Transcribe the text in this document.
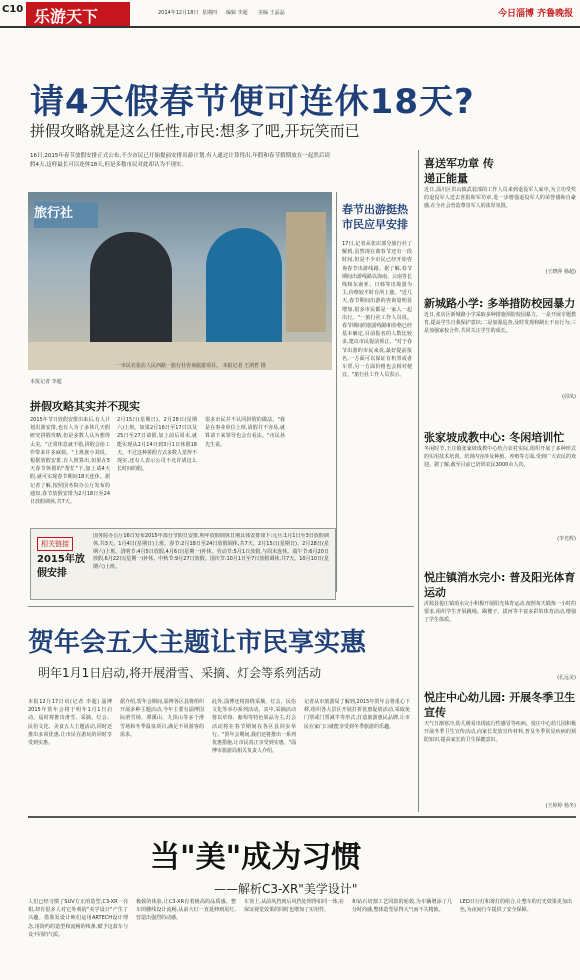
C10 乐游天下	2014年12月18日 星期四 编辑 李超 美编 王晶晶	今日淄博 齐鲁晚报
请4天假春节便可连休18天?
拼假攻略就是这么任性,市民:想多了吧,开玩笑而已
16日,2015年春节放假安排正式公布,不少市民已开始提前安排出游计划,有人通过计算得出,年假和春节假期放在一起然后请假4天,这样最长可以连休18天,但是多数市民对此却认为不现实。
旅行社
一市民在张店人民西路一旅行社咨询旅游项目。 本报记者 王鸿哲 摄
本报记者 李超
拼假攻略其实并不现实
2015年节日放假安排出来后,有人计划出游安排,也有人为了多休几天假研究拼假攻略,但是多数人认为想得太美。"正常休息就不错,拼假会给工作带来许多麻烦。"上班族小刘说。根据放假安排,有人推算出,如果在5天春节休假的"帮忙"下,加上请4天假,就可实现春节期间18天连休。据记者了解,按照国务院办公厅发布的通知,春节放假安排为2月18日至24日放假调休,共7天。
2月15日(星期日)、2月28日(星期六)上班。如果2月16日至17日以及25日至27日请假,加上前后周末,就能实现从2月14日到3月1日休假18天。不过这种拼假方式多数人觉得不现实,还有人表示公司不允许请这么长时间的假。
很多市民并不认同拼假的做法。"我是在事业单位上班,请假并不容易,就算请下来领导也会有看法。"市民孙先生说。
相关链接
2015年放假安排
国务院办公厅16日发布2015年部分节假日安排,明年放假调休日期具体安排如下:元旦:1月1日至3日放假调休,共3天。1月4日(星期日)上班。春节:2月18日至24日放假调休,共7天。2月15日(星期日)、2月28日(星期六)上班。清明节:4月5日放假,4月6日(星期一)补休。劳动节:5月1日放假,与周末连休。端午节:6月20日放假,6月22日(星期一)补休。中秋节:9月27日放假。国庆节:10月1日至7日放假调休,共7天。10月10日(星期六)上班。
春节出游挺热 市民应早安排
17日,记者从张店部分旅行社了解到,虽然现在离春节还有一段时间,但是不少市民已经开始咨询春节出游线路。据了解,春节期间出游线路以海南、云南等长线和东南亚、日韩等出境游为主,价格较平时有所上涨。"近几天,春节期间出游的咨询量明显增加,很多市民都是一家人一起出行。"一旅行社工作人员说。春节期间的旅游线路和价格已经基本确定,目前报名的人数比较多,建议市民提前预订。"对于春节出游的市民来说,最好提前报名,一方面可以保证有机票或者车票,另一方面价格也会相对便宜。"旅行社工作人员表示。
喜送军功章 传递正能量
近日,淄川区洪山镇武装部的工作人员来到退役军人家中,为立功受奖的退役军人送去喜报和军功章,进一步增强退役军人的荣誉感和自豪感,在全社会营造尊崇军人的浓厚氛围。
(王晓萍 杨超)
新城路小学: 多举措防校园暴力
近日,张店区新城路小学采取多种措施预防校园暴力。一是开展专题教育,提高学生自我保护意识;二是加强巡查,及时发现和制止不良行为;三是加强家校合作,共同关注学生的成长。
(周凤)
张家坡成教中心: 冬闲培训忙
冬闲时节,王庄镇张家坡成教中心结合农村实际,组织开展了多种形式的实用技术培训。培训内容涉及种植、养殖等方面,受到广大农民的欢迎。据了解,截至目前已培训农民3000余人次。
(李光辉)
悦庄镇消水完小: 普及阳光体育运动
沂源县悦庄镇消水完小积极开展阳光体育运动,按照每天锻炼一小时的要求,组织学生开展跳绳、踢毽子、拔河等丰富多彩的体育活动,增强了学生体质。
(孔远美)
悦庄中心幼儿园: 开展冬季卫生宣传
天气日渐寒冷,幼儿极易出现流行性感冒等疾病。悦庄中心幼儿园积极开展冬季卫生宣传活动,向家长发放宣传材料,普及冬季常见疾病的预防知识,提高家长的卫生保健意识。
(王婷婷 杨冬)
贺年会五大主题让市民享实惠
明年1月1日启动,将开展滑雪、采摘、灯会等系列活动
本报12月17日讯(记者 李超) 淄博2015年贺年会将于明年1月1日启动。届时将推出滑雪、采摘、灯会、民俗文化、美食五大主题活动,同时还推出多项优惠,让市民在游玩的同时享受到实惠。
据介绍,贺年会期间,淄博各区县将组织开展多种主题活动,今年主要有淄博国际滑雪场、潭溪山、九顶山等多个滑雪场和冬季温泉项目,满足不同游客的需求。
此外,淄博还将围绕采摘、灯会、民俗文化等举办系列活动。其中,采摘活动将以草莓、葡萄等特色果品为主,灯会活动将在春节期间在各区县同步举行。"贺年会期间,我们还将推出一系列优惠措施,让市民真正享受到实惠。"淄博市旅游局相关负责人介绍。
记者从市旅游局了解到,2015年贺年会将重心下移,组织各大景区开展打折优惠促销活动,采取免门票或门票减半等形式,打造旅游惠民品牌,让市民在家门口就能享受到冬季旅游的乐趣。
当"美"成为习惯
——解析C3-XR"美学设计"
人们已经习惯了SUV方正的造型,C3-XR一亮相,却有很多人对它外观的"美学设计"产生了兴趣。借鉴发设计师们运用ARTECH设计理念,用简约的造型和流畅的线条,赋予这款车与众不同的气质。
极致的体验,让C3-XR有着极高的品质感。整车的腰线设计流畅,从前大灯一直延伸到尾灯,营造出强烈的动感。
车顶上,从前风挡到后风挡处理得如同一体,在保证视觉效果的同时也增加了实用性。
和钻石切割工艺同款的轮毂,为车辆增添了几分时尚感,整体造型显得大气而不失精致。
LED日行灯和雾灯的组合,让整车的灯光效果更加出色,为夜间行车提供了安全保障。
